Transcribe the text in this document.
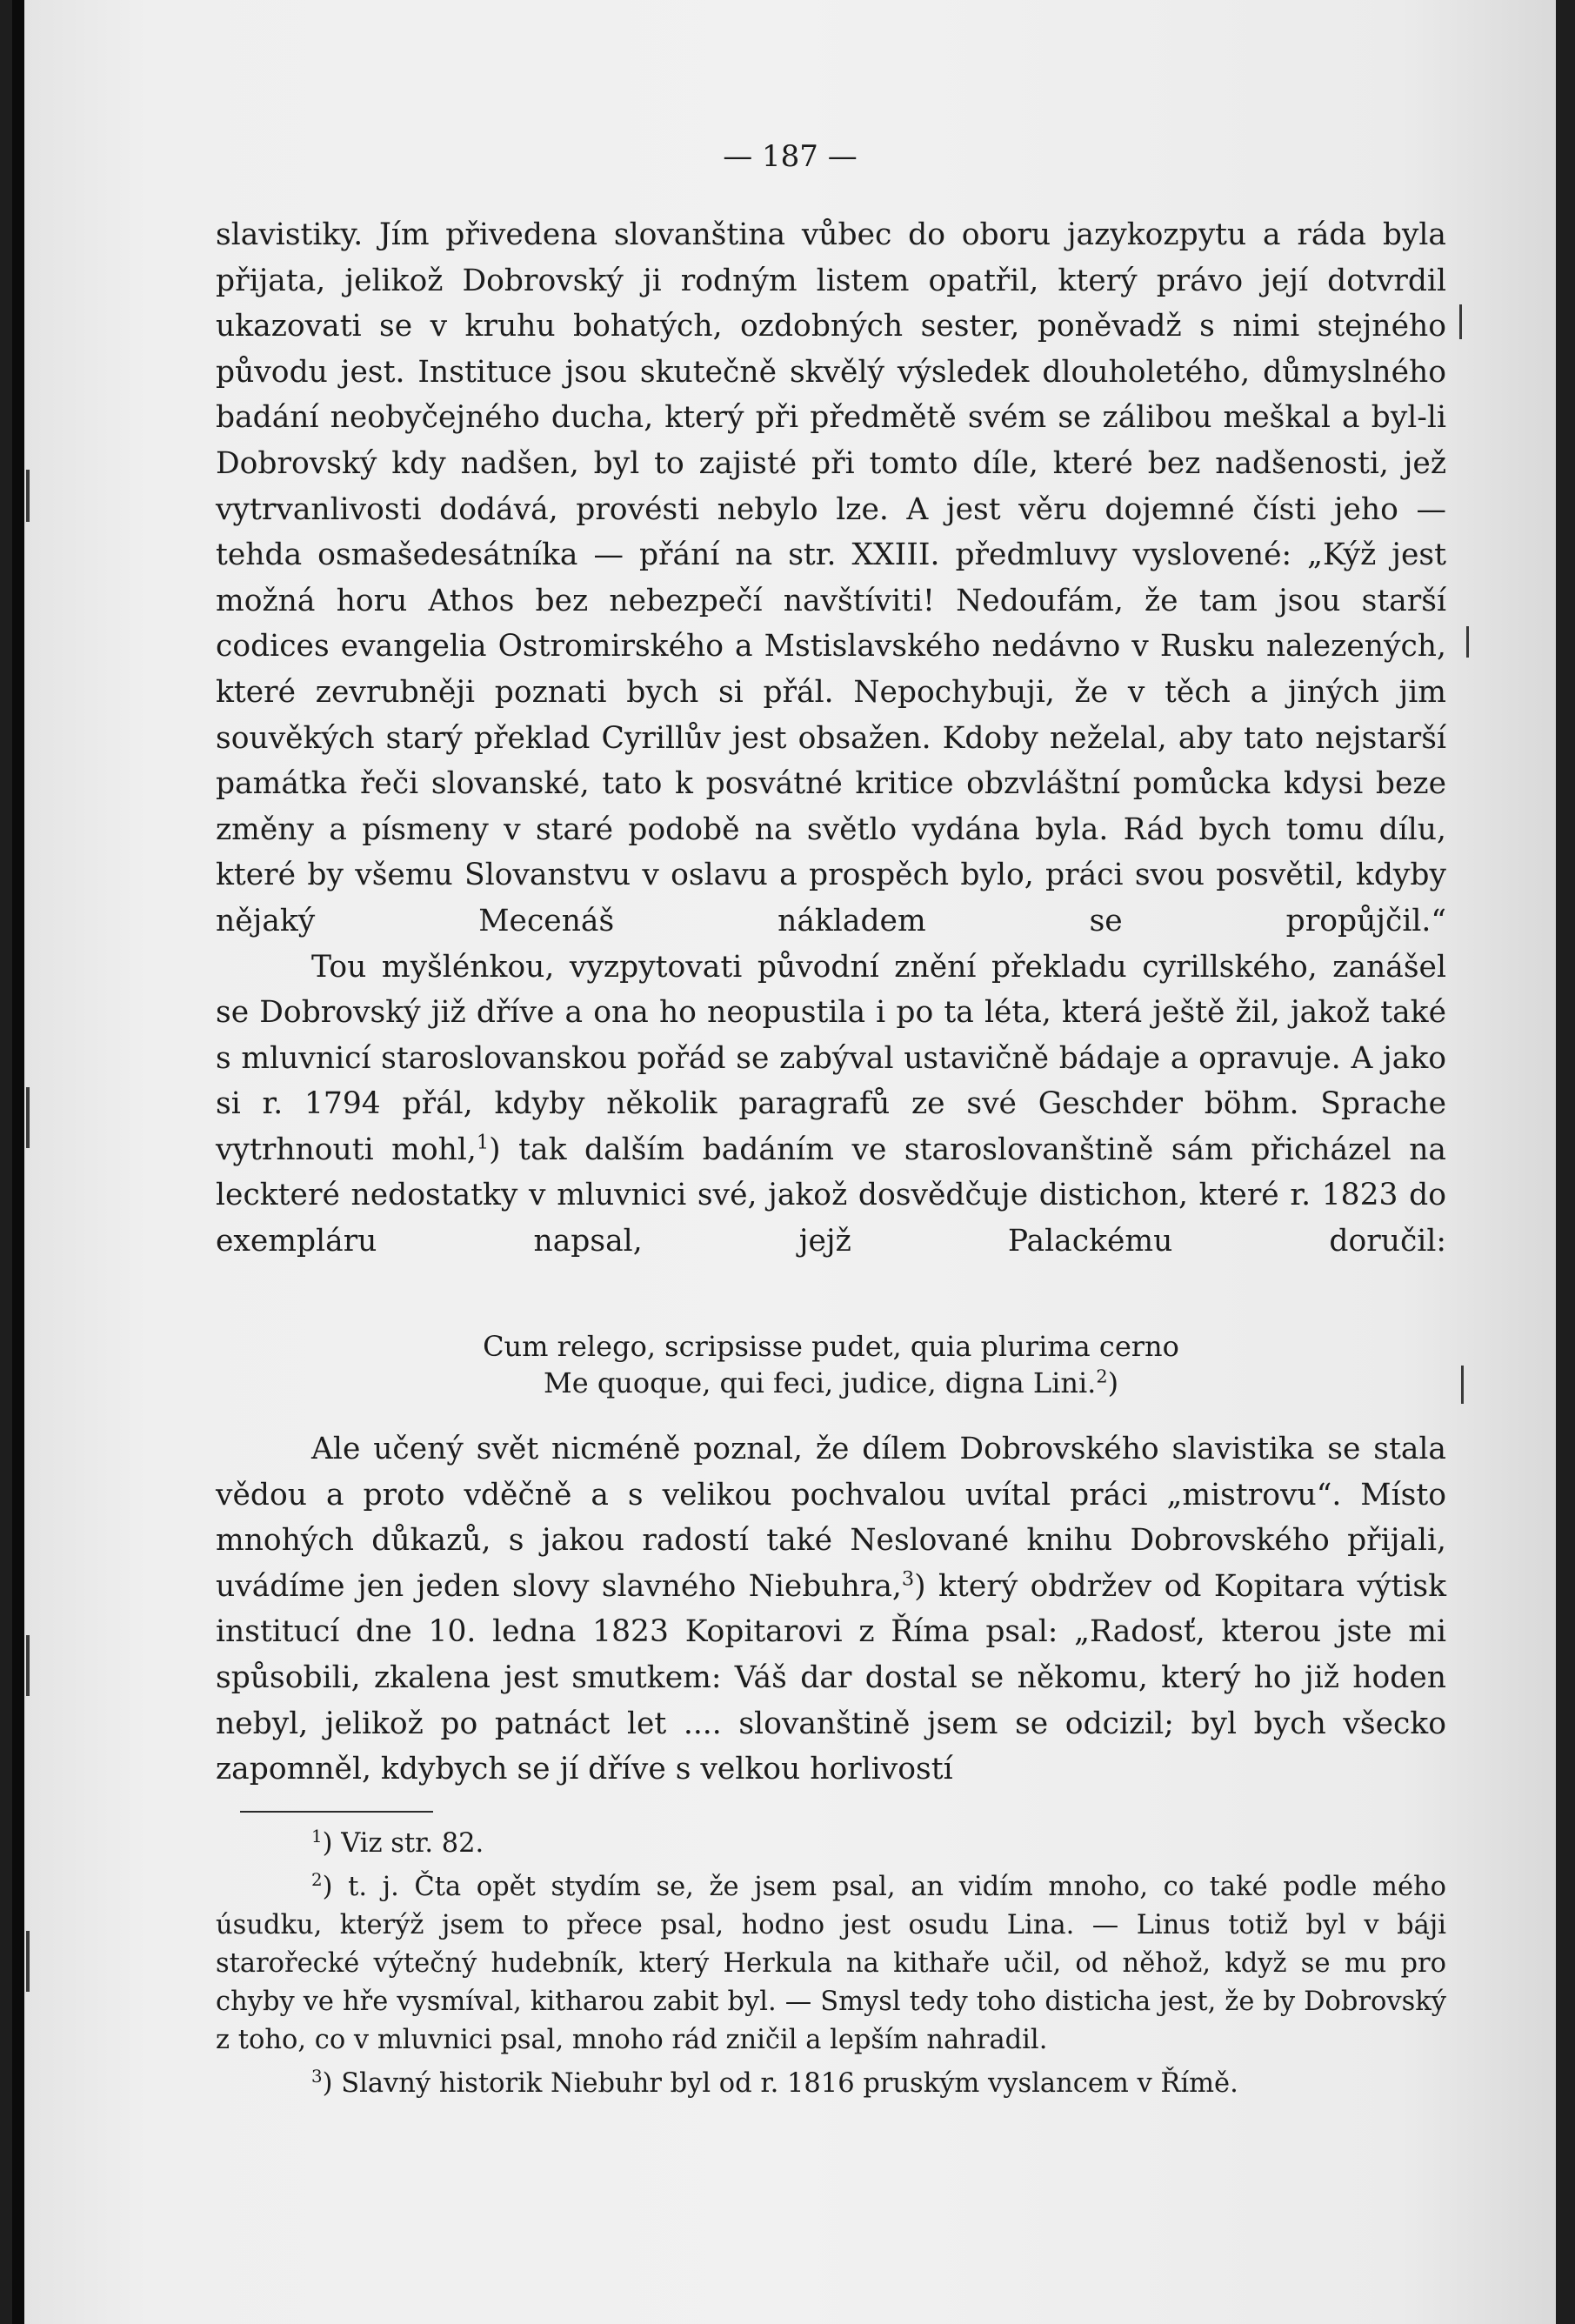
— 187 —

slavistiky. Jím přivedena slovanština vůbec do oboru jazykozpytu a ráda byla přijata, jelikož Dobrovský ji rodným listem opatřil, který právo její dotvrdil ukazovati se v kruhu bohatých, ozdobných sester, poněvadž s nimi stejného původu jest. Instituce jsou skutečně skvělý výsledek dlouholetého, důmyslného badání neobyčejného ducha, který při předmětě svém se zálibou meškal a byl-li Dobrovský kdy nadšen, byl to zajisté při tomto díle, které bez nadšenosti, jež vytrvanlivosti dodává, provésti nebylo lze. A jest věru dojemné čísti jeho — tehda osmašedesátníka — přání na str. XXIII. předmluvy vyslovené: „Kýž jest možná horu Athos bez nebezpečí navštíviti! Nedoufám, že tam jsou starší codices evangelia Ostromirského a Mstislavského nedávno v Rusku nalezených, které zevrubněji poznati bych si přál. Nepochybuji, že v těch a jiných jim souvěkých starý překlad Cyrillův jest obsažen. Kdoby neželal, aby tato nejstarší památka řeči slovanské, tato k posvátné kritice obzvláštní pomůcka kdysi beze změny a písmeny v staré podobě na světlo vydána byla. Rád bych tomu dílu, které by všemu Slovanstvu v oslavu a prospěch bylo, práci svou posvětil, kdyby nějaký Mecenáš nákladem se propůjčil.“

Tou myšlénkou, vyzpytovati původní znění překladu cyrillského, zanášel se Dobrovský již dříve a ona ho neopustila i po ta léta, která ještě žil, jakož také s mluvnicí staroslovanskou pořád se zabýval ustavičně bádaje a opravuje. A jako si r. 1794 přál, kdyby několik paragrafů ze své Geschder böhm. Sprache vytrhnouti mohl,$^1$) tak dalším badáním ve staroslovanštině sám přicházel na leckteré nedostatky v mluvnici své, jakož dosvědčuje distichon, které r. 1823 do exempláru napsal, jejž Palackému doručil:

Cum relego, scripsisse pudet, quia plurima cerno
Me quoque, qui feci, judice, digna Lini.$^2$)

Ale učený svět nicméně poznal, že dílem Dobrovského slavistika se stala vědou a proto vděčně a s velikou pochvalou uvítal práci „mistrovu“. Místo mnohých důkazů, s jakou radostí také Neslované knihu Dobrovského přijali, uvádíme jen jeden slovy slavného Niebuhra,$^3$) který obdržev od Kopitara výtisk institucí dne 10. ledna 1823 Kopitarovi z Říma psal: „Radosť, kterou jste mi spůsobili, zkalena jest smutkem: Váš dar dostal se někomu, který ho již hoden nebyl, jelikož po patnáct let .... slovanštině jsem se odcizil; byl bych všecko zapomněl, kdybych se jí dříve s velkou horlivostí

$^1$) Viz str. 82.

$^2$) t. j. Čta opět stydím se, že jsem psal, an vidím mnoho, co také podle mého úsudku, kterýž jsem to přece psal, hodno jest osudu Lina. — Linus totiž byl v báji starořecké výtečný hudebník, který Herkula na kithaře učil, od něhož, když se mu pro chyby ve hře vysmíval, kitharou zabit byl. — Smysl tedy toho disticha jest, že by Dobrovský z toho, co v mluvnici psal, mnoho rád zničil a lepším nahradil.

$^3$) Slavný historik Niebuhr byl od r. 1816 pruským vyslancem v Římě.
